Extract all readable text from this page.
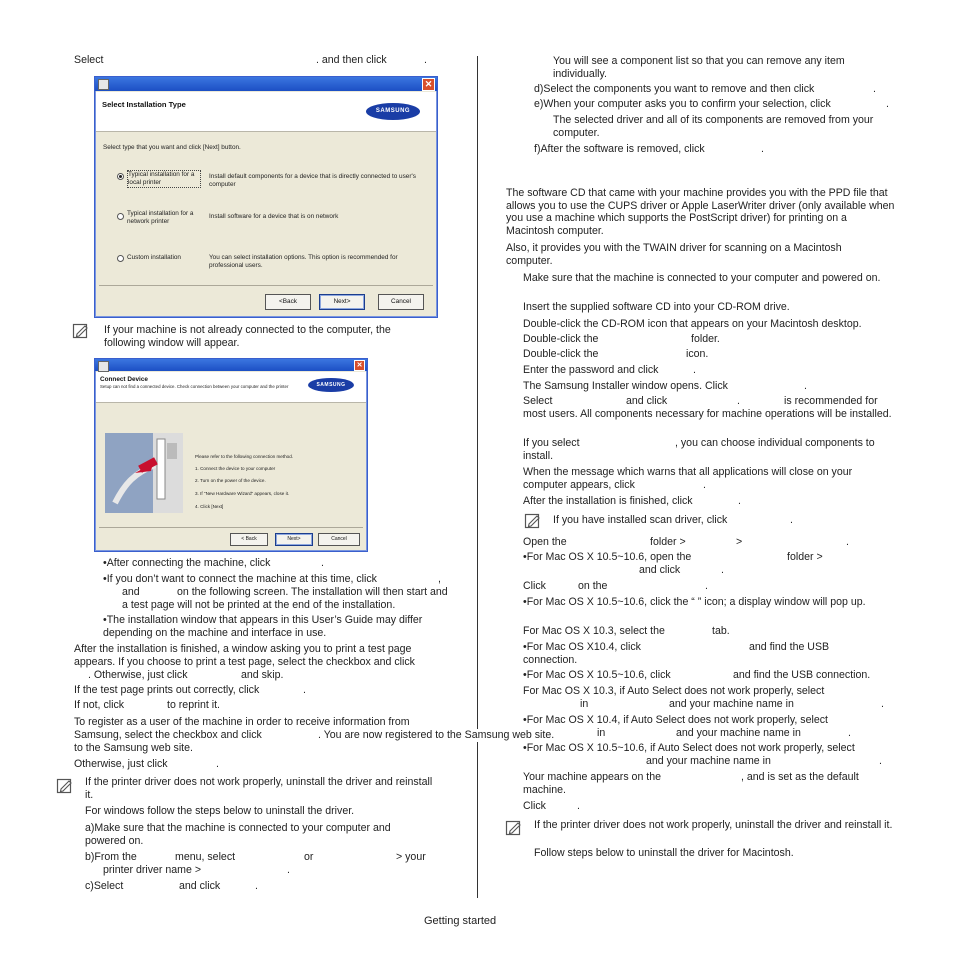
Select	. and then click	.
✕
Select Installation Type
SAMSUNG
Select type that you want and click [Next] button.
Typical installation for a local printer
Install default components for a device that is directly connected to user's computer
Typical installation for a network printer
Install software for a device that is on network
Custom installation	You can select installation options. This option is recommended for professional users.
<Back	Next>	Cancel
If your machine is not already connected to the computer, the following window will appear.
✕
Connect Device
Setup can not find a connected device. Check connection between your computer and the printer	SAMSUNG
Please refer to the following connection method.
1. Connect the device to your computer
2. Turn on the power of the device.
3. If "New Hardware Wizard" appears, close it.
4. Click [Next]
< Back	Next>	Cancel
•After connecting the machine, click	.
•If you don’t want to connect the machine at this time, click	,
and	on the following screen. The installation will then start and a test page will not be printed at the end of the installation.
•The installation window that appears in this User’s Guide may differ depending on the machine and interface in use.
After the installation is finished, a window asking you to print a test page appears. If you choose to print a test page, select the checkbox and click
. Otherwise, just click	and skip.
If the test page prints out correctly, click	.
If not, click	to reprint it.
To register as a user of the machine in order to receive information from Samsung, select the checkbox and click	. You are now registered to the Samsung web site.
to the Samsung web site.
Otherwise, just click	.
If the printer driver does not work properly, uninstall the driver and reinstall it.
For windows follow the steps below to uninstall the driver.
a)Make sure that the machine is connected to your computer and powered on.
b)From the	menu, select	or	> your
printer driver name >	.
c)Select	and click	.
You will see a component list so that you can remove any item individually.
d)Select the components you want to remove and then click	.
e)When your computer asks you to confirm your selection, click	.
The selected driver and all of its components are removed from your computer.
f)After the software is removed, click	.
The software CD that came with your machine provides you with the PPD file that allows you to use the CUPS driver or Apple LaserWriter driver (only available when you use a machine which supports the PostScript driver) for printing on a Macintosh computer.
Also, it provides you with the TWAIN driver for scanning on a Macintosh computer.
Make sure that the machine is connected to your computer and powered on.
Insert the supplied software CD into your CD-ROM drive.
Double-click the CD-ROM icon that appears on your Macintosh desktop.
Double-click the	folder.
Double-click the	icon.
Enter the password and click	.
The Samsung Installer window opens. Click	.
Select	and click	.	is recommended for most users. All components necessary for machine operations will be installed.
If you select	, you can choose individual components to install.
When the message which warns that all applications will close on your computer appears, click	.
After the installation is finished, click	.
If you have installed scan driver, click	.
Open the	folder >	>	.
•For Mac OS X 10.5~10.6, open the	folder >
and click	.
Click	on the	.
•For Mac OS X 10.5~10.6, click the “ ” icon; a display window will pop up.
For Mac OS X 10.3, select the	tab.
•For Mac OS X10.4, click	and find the USB connection.
•For Mac OS X 10.5~10.6, click	and find the USB connection.
For Mac OS X 10.3, if Auto Select does not work properly, select
in	and your machine name in	.
•For Mac OS X 10.4, if Auto Select does not work properly, select
in	and your machine name in	.
•For Mac OS X 10.5~10.6, if Auto Select does not work properly, select
and your machine name in	.
Your machine appears on the	, and is set as the default machine.
Click	.
If the printer driver does not work properly, uninstall the driver and reinstall it.
Follow steps below to uninstall the driver for Macintosh.
Getting started
